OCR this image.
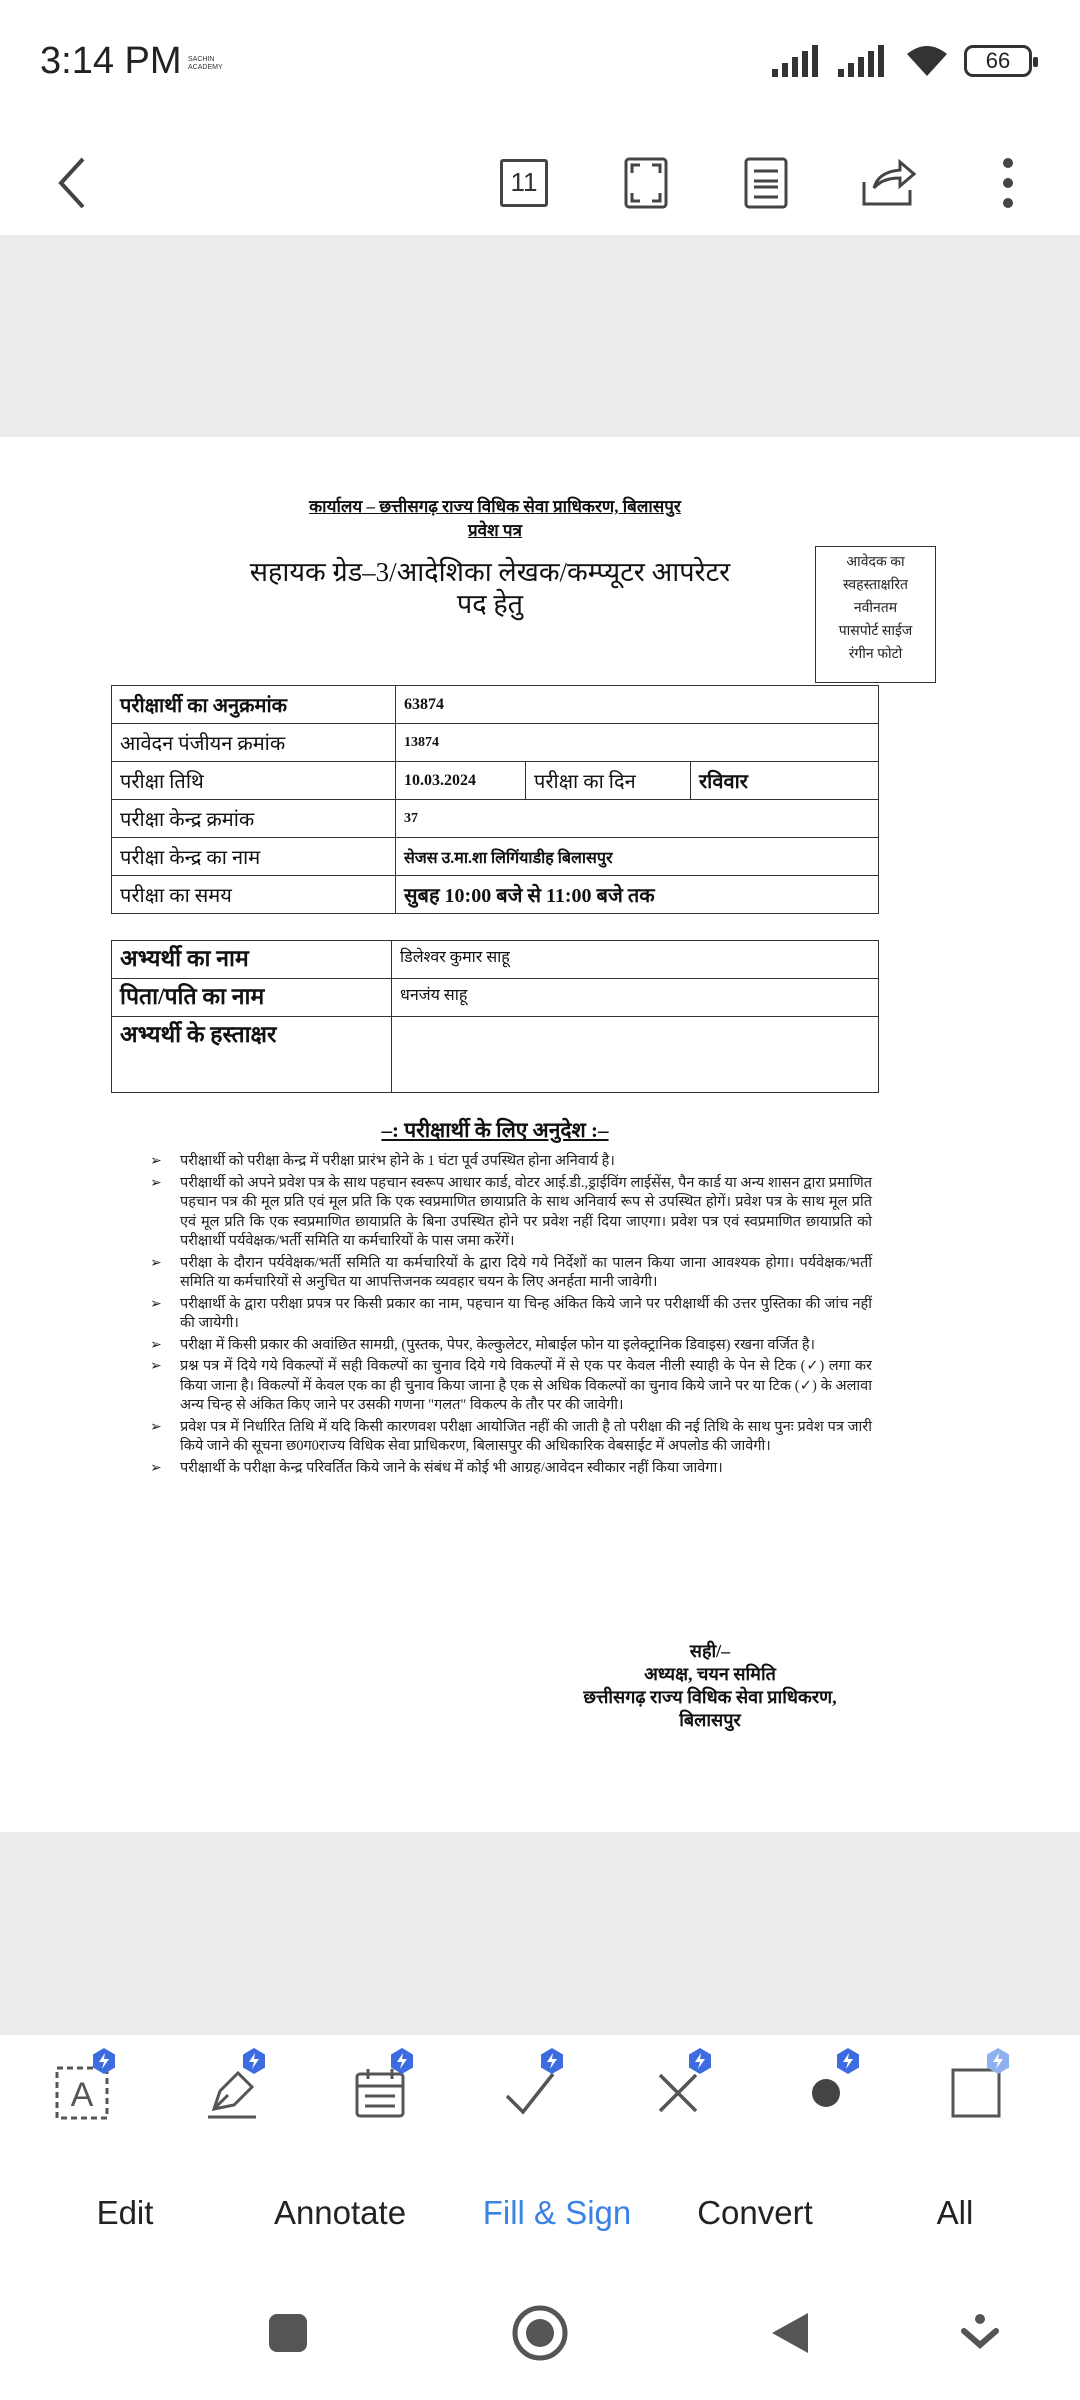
3:14 PM SACHIN ACADEMY	66
11
कार्यालय – छत्तीसगढ़ राज्य विधिक सेवा प्राधिकरण, बिलासपुर
प्रवेश पत्र
सहायक ग्रेड–3/आदेशिका लेखक/कम्प्यूटर आपरेटर
पद हेतु
आवेदक का
स्वहस्ताक्षरित
नवीनतम
पासपोर्ट साईज
रंगीन फोटो
परीक्षार्थी का अनुक्रमांक	63874		
आवेदन पंजीयन क्रमांक	13874		
परीक्षा तिथि	10.03.2024	परीक्षा का दिन	रविवार
परीक्षा केन्द्र क्रमांक	37		
परीक्षा केन्द्र का नाम	सेजस उ.मा.शा लिगिंयाडीह बिलासपुर		
परीक्षा का समय	सुबह 10:00 बजे से 11:00 बजे तक		
अभ्यर्थी का नाम	डिलेश्वर कुमार साहू
पिता/पति का नाम	धनजंय साहू
अभ्यर्थी के हस्ताक्षर	
–: परीक्षार्थी के लिए अनुदेश :–
➢ परीक्षार्थी को परीक्षा केन्द्र में परीक्षा प्रारंभ होने के 1 घंटा पूर्व उपस्थित होना अनिवार्य है।
➢ परीक्षार्थी को अपने प्रवेश पत्र के साथ पहचान स्वरूप आधार कार्ड, वोटर आई.डी.,ड्राईविंग लाईसेंस, पैन कार्ड या अन्य शासन द्वारा प्रमाणित पहचान पत्र की मूल प्रति एवं मूल प्रति कि एक स्वप्रमाणित छायाप्रति के साथ अनिवार्य रूप से उपस्थित होगें। प्रवेश पत्र के साथ मूल प्रति एवं मूल प्रति कि एक स्वप्रमाणित छायाप्रति के बिना उपस्थित होने पर प्रवेश नहीं दिया जाएगा। प्रवेश पत्र एवं स्वप्रमाणित छायाप्रति को परीक्षार्थी पर्यवेक्षक/भर्ती समिति या कर्मचारियों के पास जमा करेंगें।
➢ परीक्षा के दौरान पर्यवेक्षक/भर्ती समिति या कर्मचारियों के द्वारा दिये गये निर्देशों का पालन किया जाना आवश्यक होगा। पर्यवेक्षक/भर्ती समिति या कर्मचारियों से अनुचित या आपत्तिजनक व्यवहार चयन के लिए अनर्हता मानी जावेगी।
➢ परीक्षार्थी के द्वारा परीक्षा प्रपत्र पर किसी प्रकार का नाम, पहचान या चिन्ह अंकित किये जाने पर परीक्षार्थी की उत्तर पुस्तिका की जांच नहीं की जायेगी।
➢ परीक्षा में किसी प्रकार की अवांछित सामग्री, (पुस्तक, पेपर, केल्कुलेटर, मोबाईल फोन या इलेक्ट्रानिक डिवाइस) रखना वर्जित है।
➢ प्रश्न पत्र में दिये गये विकल्पों में सही विकल्पों का चुनाव दिये गये विकल्पों में से एक पर केवल नीली स्याही के पेन से टिक (✓) लगा कर किया जाना है। विकल्पों में केवल एक का ही चुनाव किया जाना है एक से अधिक विकल्पों का चुनाव किये जाने पर या टिक (✓) के अलावा अन्य चिन्ह से अंकित किए जाने पर उसकी गणना "गलत" विकल्प के तौर पर की जावेगी।
➢ प्रवेश पत्र में निर्धारित तिथि में यदि किसी कारणवश परीक्षा आयोजित नहीं की जाती है तो परीक्षा की नई तिथि के साथ पुनः प्रवेश पत्र जारी किये जाने की सूचना छ0ग0राज्य विधिक सेवा प्राधिकरण, बिलासपुर की अधिकारिक वेबसाईट में अपलोड की जावेगी।
➢ परीक्षार्थी के परीक्षा केन्द्र परिवर्तित किये जाने के संबंध में कोई भी आग्रह/आवेदन स्वीकार नहीं किया जावेगा।
सही/–
अध्यक्ष, चयन समिति
छत्तीसगढ़ राज्य विधिक सेवा प्राधिकरण,
बिलासपुर
A
Edit	Annotate	Fill & Sign	Convert	All
